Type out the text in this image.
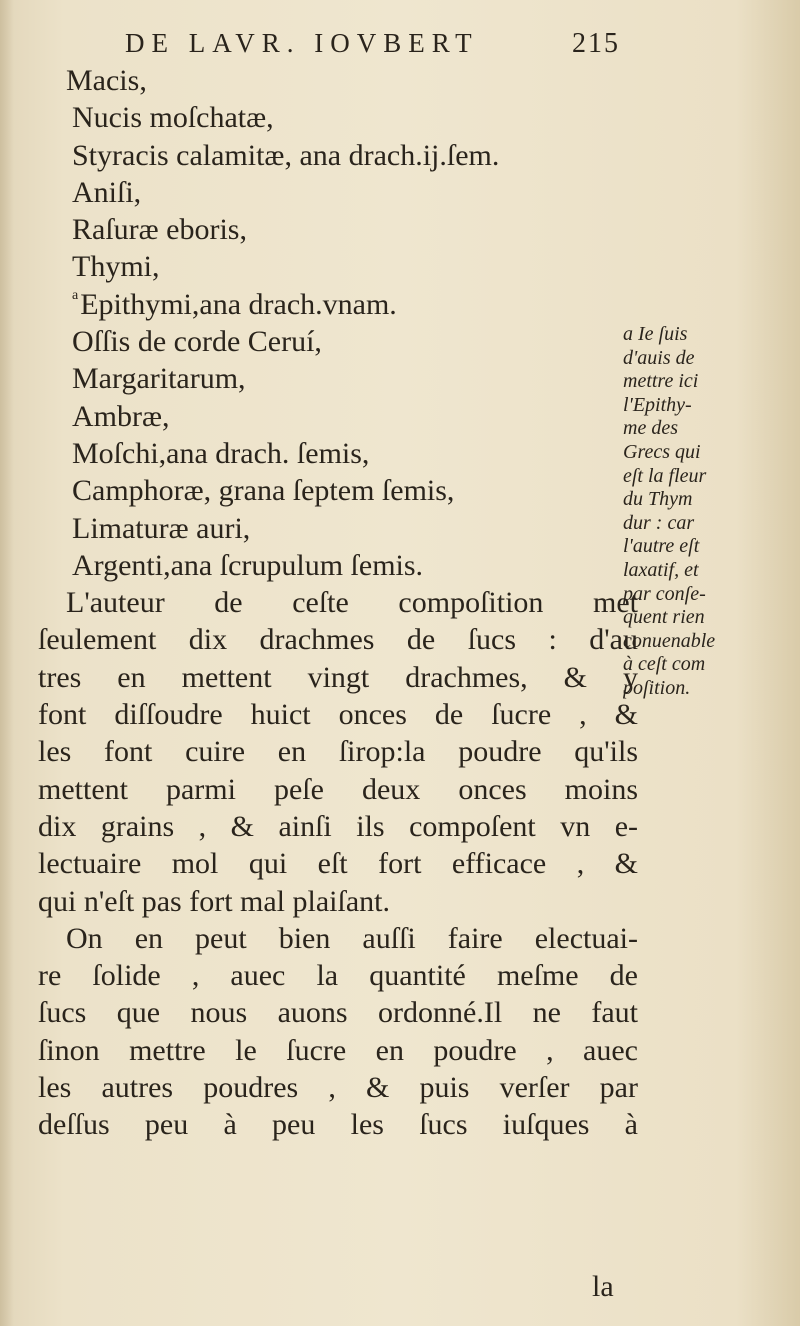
DE LAVR. IOVBERT	215
Macis,
Nucis moſchatæ,
Styracis calamitæ, ana drach.ij.ſem.
Aniſi,
Raſuræ eboris,
Thymi,
$^a$Epithymi,ana drach.vnam.
Oſſis de corde Ceruí,
Margaritarum,
Ambræ,
Moſchi,ana drach. ſemis,
Camphoræ, grana ſeptem ſemis,
Limaturæ auri,
Argenti,ana ſcrupulum ſemis.
L'auteur de ceſte compoſition met
ſeulement dix drachmes de ſucs : d'au
tres en mettent vingt drachmes, & y
font diſſoudre huict onces de ſucre , &
les font cuire en ſirop:la poudre qu'ils
mettent parmi peſe deux onces moins
dix grains , & ainſi ils compoſent vn e-
lectuaire mol qui eſt fort efficace , &
qui n'eſt pas fort mal plaiſant.
On en peut bien auſſi faire electuai-
re ſolide , auec la quantité meſme de
ſucs que nous auons ordonné.Il ne faut
ſinon mettre le ſucre en poudre , auec
les autres poudres , & puis verſer par
deſſus peu à peu les ſucs iuſques à
a Ie ſuis
d'auis de
mettre ici
l'Epithy-
me des
Grecs qui
eſt la fleur
du Thym
dur : car
l'autre eſt
laxatif, et
par conſe-
quent rien
conuenable
à ceſt com
poſition.
la
